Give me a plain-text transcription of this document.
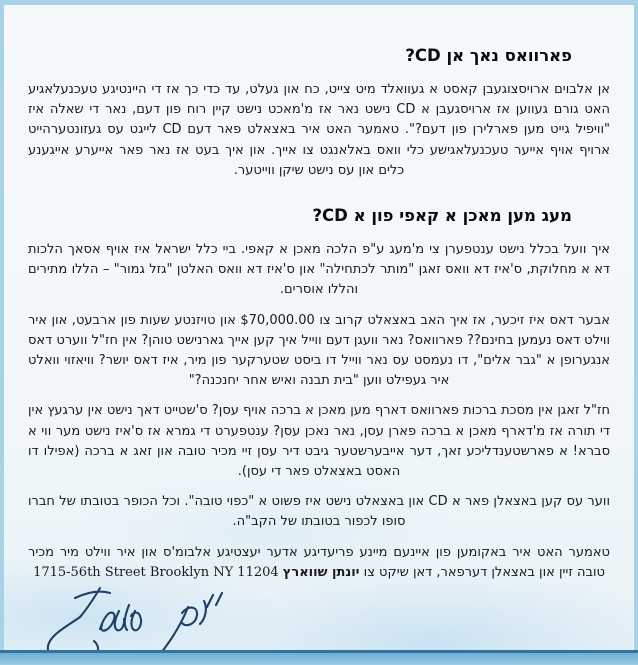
פארוואס נאך אן CD?

אן אלבוים ארויסצוגעבן קאסט א געוואלד מיט צייט, כח און געלט, עד כדי כך אז די היינטיגע טעכנעלאגיע האט גורם געווען אז ארויסגעבן א CD נישט נאר אז מ'מאכט נישט קיין רוח פון דעם, נאר די שאלה איז "וויפיל גייט מען פארלירן פון דעם?". טאמער האט איר באצאלט פאר דעם CD לייגט עס געזונטערהייט ארויף אויף אייער טעכנעלאגישע כלי וואס באלאנגט צו אייך. און איך בעט אז נאר פאר אייערע אייגענע כלים און עס נישט שיקן ווייטער.

מעג מען מאכן א קאפי פון א CD?

איך וועל בכלל נישט ענטפערן צי מ'מעג ע"פ הלכה מאכן א קאפי. ביי כלל ישראל איז אויף אסאך הלכות דא א מחלוקת, ס'איז דא וואס זאגן "מותר לכתחילה" און ס'איז דא וואס האלטן "גזל גמור" – הללו מתירים והללו אוסרים.

אבער דאס איז זיכער, אז איך האב באצאלט קרוב צו $70,000.00 און טויזנטע שעות פון ארבעט, און איר ווילט דאס נעמען בחינם?? פארוואס? נאר וועגן דעם ווייל איך קען אייך גארנישט טוהן? אין חז"ל ווערט דאס אנגערופן א "גבר אלים", דו נעמסט עס נאר ווייל דו ביסט שטערקער פון מיר, איז דאס יושר? וויאזוי וואלט איר געפילט ווען "בית תבנה ואיש אחר יחנכנה?"

חז"ל זאגן אין מסכת ברכות פארוואס דארף מען מאכן א ברכה אויף עסן? ס'שטייט דאך נישט אין ערגעץ אין די תורה אז מ'דארף מאכן א ברכה פארן עסן, נאר נאכן עסן? ענטפערט די גמרא אז ס'איז נישט מער ווי א סברא! א פארשטענדליכע זאך, דער אייבערשטער גיבט דיר עסן זיי מכיר טובה און זאג א ברכה (אפילו דו האסט באצאלט פאר די עסן).

ווער עס קען באצאלן פאר א CD און באצאלט נישט איז פשוט א "כפוי טובה". וכל הכופר בטובתו של חברו סופו לכפור בטובתו של הקב"ה.

טאמער האט איר באקומען פון איינעם מיינע פריעדיגע אדער יעצטיגע אלבומ'ס און איר ווילט מיר מכיר טובה זיין און באצאלן דערפאר, דאן שיקט צו יונתן שווארץ 1715-56th Street Brooklyn NY 11204
